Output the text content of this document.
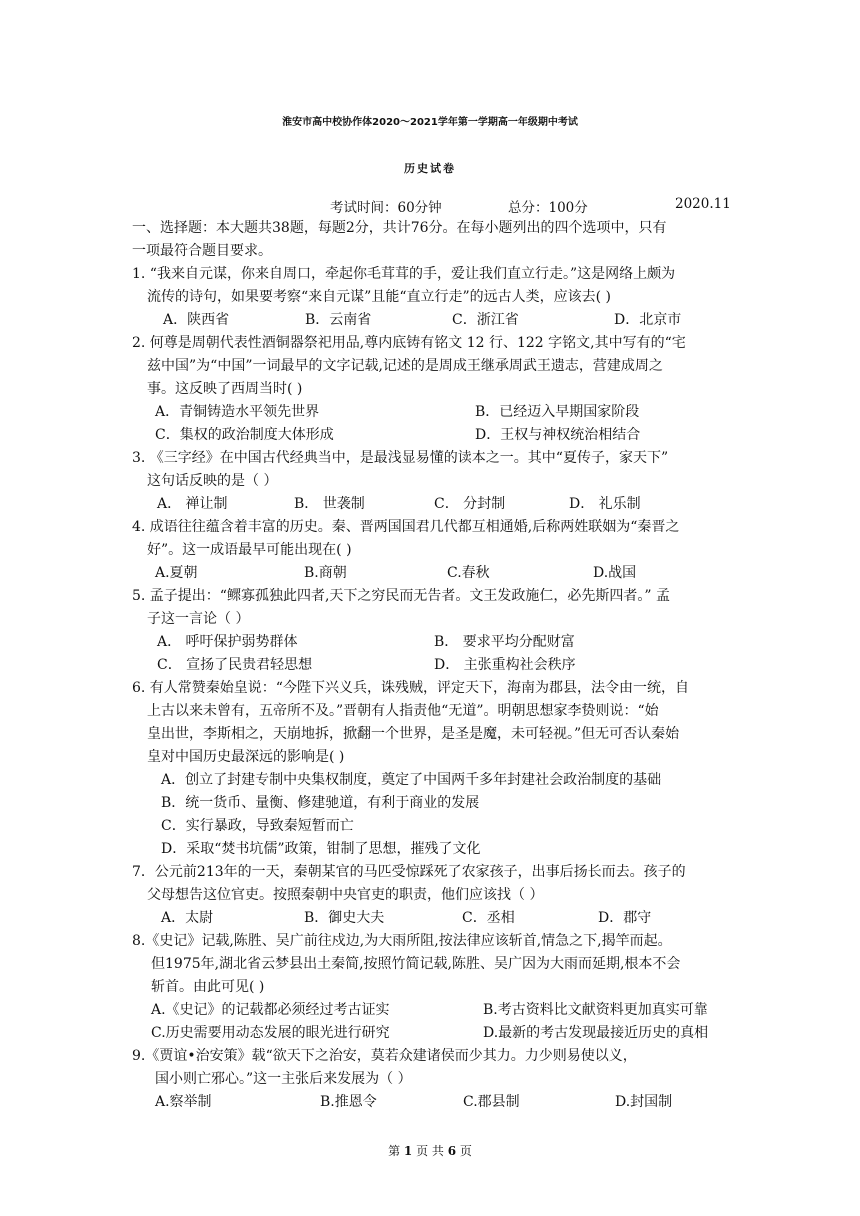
淮安市高中校协作体2020～2021学年第一学期高一年级期中考试
历史试卷
考试时间：60分钟	总分：100分	2020.11
一、选择题：本大题共38题，每题2分，共计76分。在每小题列出的四个选项中，只有
一项最符合题目要求。
1. “我来自元谋，你来自周口，牵起你毛茸茸的手，爱让我们直立行走。”这是网络上颇为
流传的诗句，如果要考察“来自元谋”且能“直立行走”的远古人类，应该去( )
A．陕西省	B．云南省	C．浙江省	D．北京市
2. 何尊是周朝代表性酒铜器祭祀用品,尊内底铸有铭文 12 行、122 字铭文,其中写有的“宅
兹中国”为“中国”一词最早的文字记载,记述的是周成王继承周武王遗志，营建成周之
事。这反映了西周当时( )
A．青铜铸造水平领先世界	B．已经迈入早期国家阶段
C．集权的政治制度大体形成	D．王权与神权统治相结合
3. 《三字经》在中国古代经典当中，是最浅显易懂的读本之一。其中“夏传子，家天下”
这句话反映的是（ ）
A． 禅让制	B． 世袭制	C． 分封制	D． 礼乐制
4. 成语往往蕴含着丰富的历史。秦、晋两国国君几代都互相通婚,后称两姓联姻为“秦晋之
好”。这一成语最早可能出现在( )
A.夏朝	B.商朝	C.春秋	D.战国
5. 孟子提出：“鳏寡孤独此四者,天下之穷民而无告者。文王发政施仁，必先斯四者。” 孟
子这一言论（ ）
A． 呼吁保护弱势群体	B． 要求平均分配财富
C． 宣扬了民贵君轻思想	D． 主张重构社会秩序
6. 有人常赞秦始皇说：“今陛下兴义兵，诛残贼，评定天下，海南为郡县，法令由一统，自
上古以来未曾有，五帝所不及。”晋朝有人指责他“无道”。明朝思想家李贽则说：“始
皇出世，李斯相之，天崩地拆，掀翻一个世界，是圣是魔，未可轻视。”但无可否认秦始
皇对中国历史最深远的影响是( )
A．创立了封建专制中央集权制度，奠定了中国两千多年封建社会政治制度的基础
B．统一货币、量衡、修建驰道，有利于商业的发展
C．实行暴政，导致秦短暂而亡
D．采取“焚书坑儒”政策，钳制了思想，摧残了文化
7．公元前213年的一天，秦朝某官的马匹受惊踩死了农家孩子，出事后扬长而去。孩子的
父母想告这位官吏。按照秦朝中央官吏的职责，他们应该找（ ）
A．太尉	B．御史大夫	C．丞相	D．郡守
8.《史记》记载,陈胜、吴广前往戍边,为大雨所阻,按法律应该斩首,情急之下,揭竿而起。
但1975年,湖北省云梦县出土秦简,按照竹简记载,陈胜、吴广因为大雨而延期,根本不会
斩首。由此可见( )
A.《史记》的记载都必须经过考古证实	B.考古资料比文献资料更加真实可靠
C.历史需要用动态发展的眼光进行研究	D.最新的考古发现最接近历史的真相
9.《贾谊•治安策》载“欲天下之治安，莫若众建诸侯而少其力。力少则易使以义，
国小则亡邪心。”这一主张后来发展为（ ）
A.察举制	B.推恩令	C.郡县制	D.封国制
第 1 页 共 6 页
